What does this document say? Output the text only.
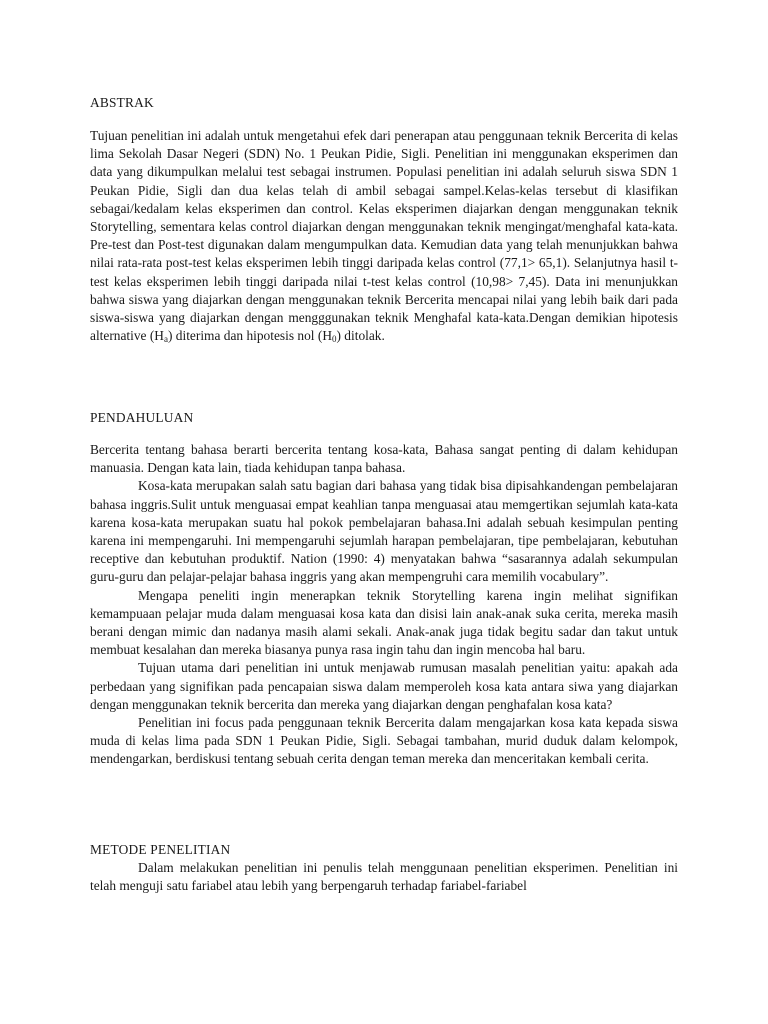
ABSTRAK

Tujuan penelitian ini adalah untuk mengetahui efek dari penerapan atau penggunaan teknik Bercerita di kelas lima Sekolah Dasar Negeri (SDN) No. 1 Peukan Pidie, Sigli. Penelitian ini menggunakan eksperimen dan data yang dikumpulkan melalui test sebagai instrumen. Populasi penelitian ini adalah seluruh siswa SDN 1 Peukan Pidie, Sigli dan dua kelas telah di ambil sebagai sampel.Kelas-kelas tersebut di klasifikan sebagai/kedalam kelas eksperimen dan control. Kelas eksperimen diajarkan dengan menggunakan teknik Storytelling, sementara kelas control diajarkan dengan menggunakan teknik mengingat/menghafal kata-kata. Pre-test dan Post-test digunakan dalam mengumpulkan data. Kemudian data yang telah menunjukkan bahwa nilai rata-rata post-test kelas eksperimen lebih tinggi daripada kelas control (77,1> 65,1). Selanjutnya hasil t-test kelas eksperimen lebih tinggi daripada nilai t-test kelas control (10,98> 7,45). Data ini menunjukkan bahwa siswa yang diajarkan dengan menggunakan teknik Bercerita mencapai nilai yang lebih baik dari pada siswa-siswa yang diajarkan dengan mengggunakan teknik Menghafal kata-kata.Dengan demikian hipotesis alternative $(H_a)$ diterima dan hipotesis nol $(H_0)$ ditolak.

PENDAHULUAN

Bercerita tentang bahasa berarti bercerita tentang kosa-kata, Bahasa sangat penting di dalam kehidupan manuasia. Dengan kata lain, tiada kehidupan tanpa bahasa.

Kosa-kata merupakan salah satu bagian dari bahasa yang tidak bisa dipisahkandengan pembelajaran bahasa inggris.Sulit untuk menguasai empat keahlian tanpa menguasai atau memgertikan sejumlah kata-kata karena kosa-kata merupakan suatu hal pokok pembelajaran bahasa.Ini adalah sebuah kesimpulan penting karena ini mempengaruhi. Ini mempengaruhi sejumlah harapan pembelajaran, tipe pembelajaran, kebutuhan receptive dan kebutuhan produktif. Nation (1990: 4) menyatakan bahwa “sasarannya adalah sekumpulan guru-guru dan pelajar-pelajar bahasa inggris yang akan mempengruhi cara memilih vocabulary”.

Mengapa peneliti ingin menerapkan teknik Storytelling karena ingin melihat signifikan kemampuaan pelajar muda dalam menguasai kosa kata dan disisi lain anak-anak suka cerita, mereka masih berani dengan mimic dan nadanya masih alami sekali. Anak-anak juga tidak begitu sadar dan takut untuk membuat kesalahan dan mereka biasanya punya rasa ingin tahu dan ingin mencoba hal baru.

Tujuan utama dari penelitian ini untuk menjawab rumusan masalah penelitian yaitu: apakah ada perbedaan yang signifikan pada pencapaian siswa dalam memperoleh kosa kata antara siwa yang diajarkan dengan menggunakan teknik bercerita dan mereka yang diajarkan dengan penghafalan kosa kata?

Penelitian ini focus pada penggunaan teknik Bercerita dalam mengajarkan kosa kata kepada siswa muda di kelas lima pada SDN 1 Peukan Pidie, Sigli. Sebagai tambahan, murid duduk dalam kelompok, mendengarkan, berdiskusi tentang sebuah cerita dengan teman mereka dan menceritakan kembali cerita.

METODE PENELITIAN

Dalam melakukan penelitian ini penulis telah menggunaan penelitian eksperimen. Penelitian ini telah menguji satu fariabel atau lebih yang berpengaruh terhadap fariabel-fariabel
